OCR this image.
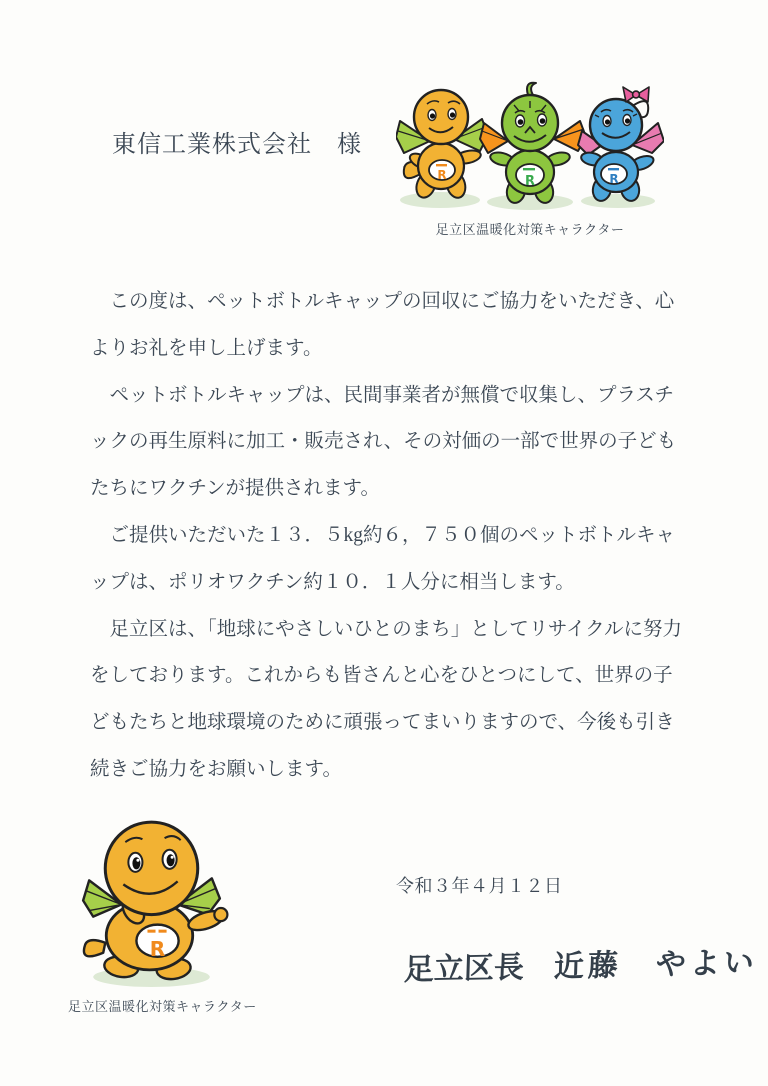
東信工業株式会社　様
R	R	R
足立区温暖化対策キャラクター
　この度は、ペットボトルキャップの回収にご協力をいただき、心
よりお礼を申し上げます。
　ペットボトルキャップは、民間事業者が無償で収集し、プラスチ
ックの再生原料に加工・販売され、その対価の一部で世界の子ども
たちにワクチンが提供されます。
　ご提供いただいた１３．５kg約６，７５０個のペットボトルキャ
ップは、ポリオワクチン約１０．１人分に相当します。
　足立区は、「地球にやさしいひとのまち」としてリサイクルに努力
をしております。これからも皆さんと心をひとつにして、世界の子
どもたちと地球環境のために頑張ってまいりますので、今後も引き
続きご協力をお願いします。
令和３年４月１２日
足立区長 近藤　やよい
R
足立区温暖化対策キャラクター
